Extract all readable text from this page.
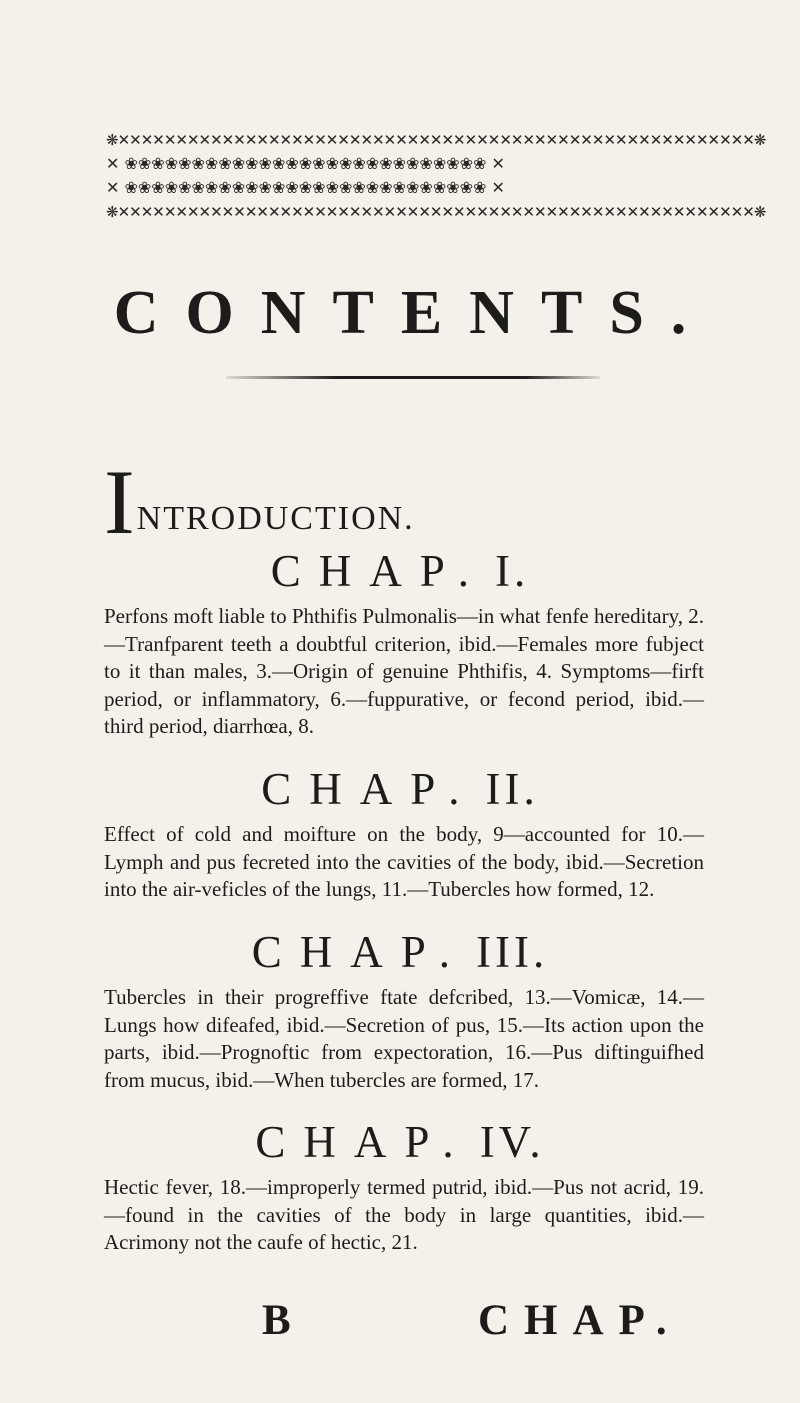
❋✕✕✕✕✕✕✕✕✕✕✕✕✕✕✕✕✕✕✕✕✕✕✕✕✕✕✕✕✕✕✕✕✕✕✕✕✕✕✕✕✕✕✕✕✕✕✕✕✕✕✕✕✕✕✕❋
✕ ❀❀❀❀❀❀❀❀❀❀❀❀❀❀❀❀❀❀❀❀❀❀❀❀❀❀❀ ✕
✕ ❀❀❀❀❀❀❀❀❀❀❀❀❀❀❀❀❀❀❀❀❀❀❀❀❀❀❀ ✕
❋✕✕✕✕✕✕✕✕✕✕✕✕✕✕✕✕✕✕✕✕✕✕✕✕✕✕✕✕✕✕✕✕✕✕✕✕✕✕✕✕✕✕✕✕✕✕✕✕✕✕✕✕✕✕✕❋
CONTENTS.
INTRODUCTION.
CHAP. I.
Perfons moft liable to Phthifis Pulmonalis—in what fenfe hereditary, 2.—Tranfparent teeth a doubtful criterion, ibid.—Females more fubject to it than males, 3.—Origin of genuine Phthifis, 4. Symptoms—firft period, or inflammatory, 6.—fuppurative, or fecond period, ibid.—third period, diarrhœa, 8.
CHAP. II.
Effect of cold and moifture on the body, 9—accounted for 10.—Lymph and pus fecreted into the cavities of the body, ibid.—Secretion into the air-veficles of the lungs, 11.—Tubercles how formed, 12.
CHAP. III.
Tubercles in their progreffive ftate defcribed, 13.—Vomicæ, 14.—Lungs how difeafed, ibid.—Secretion of pus, 15.—Its action upon the parts, ibid.—Prognoftic from expectoration, 16.—Pus diftinguifhed from mucus, ibid.—When tubercles are formed, 17.
B	CHAP.
CHAP. IV.
Hectic fever, 18.—improperly termed putrid, ibid.—Pus not acrid, 19.—found in the cavities of the body in large quantities, ibid.—Acrimony not the caufe of hectic, 21.
